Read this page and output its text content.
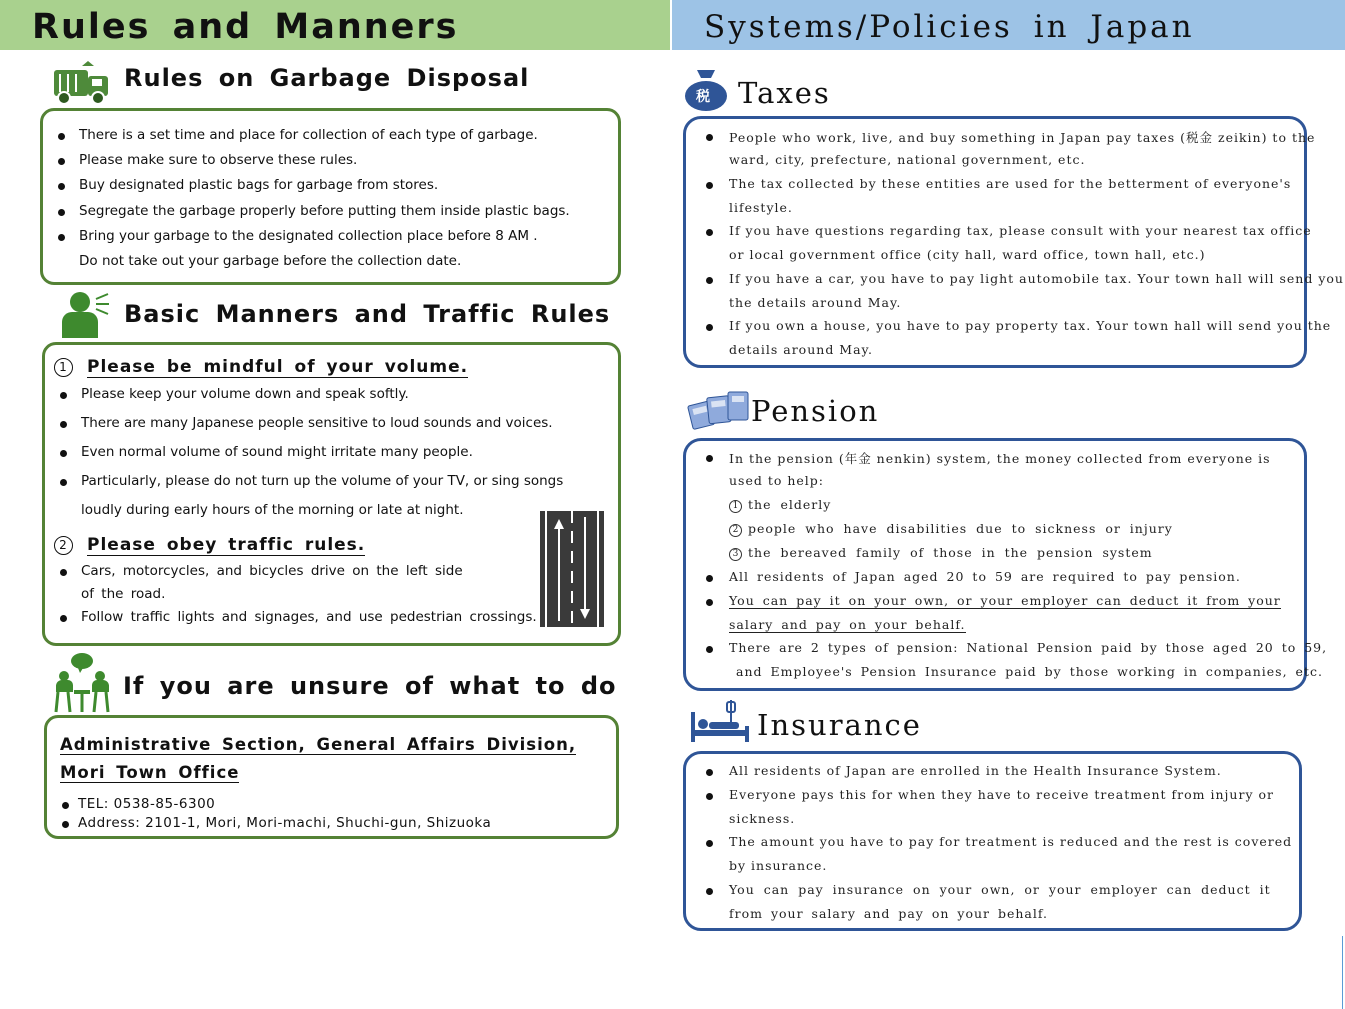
Rules and Manners	Systems/Policies in Japan
Rules on Garbage Disposal
There is a set time and place for collection of each type of garbage.
Please make sure to observe these rules.
Buy designated plastic bags for garbage from stores.
Segregate the garbage properly before putting them inside plastic bags.
Bring your garbage to the designated collection place before 8 AM .
Do not take out your garbage before the collection date.
Basic Manners and Traffic Rules
1 Please be mindful of your volume.
Please keep your volume down and speak softly.
There are many Japanese people sensitive to loud sounds and voices.
Even normal volume of sound might irritate many people.
Particularly, please do not turn up the volume of your TV, or sing songs
loudly during early hours of the morning or late at night.
2 Please obey traffic rules.
Cars, motorcycles, and bicycles drive on the left side
of the road.
Follow traffic lights and signages, and use pedestrian crossings.
If you are unsure of what to do
Administrative Section, General Affairs Division,
Mori Town Office
TEL: 0538-85-6300
Address: 2101-1, Mori, Mori-machi, Shuchi-gun, Shizuoka
税 Taxes
People who work, live, and buy something in Japan pay taxes (税金 zeikin) to the
ward, city, prefecture, national government, etc.
The tax collected by these entities are used for the betterment of everyone's
lifestyle.
If you have questions regarding tax, please consult with your nearest tax office
or local government office (city hall, ward office, town hall, etc.)
If you have a car, you have to pay light automobile tax. Your town hall will send you
the details around May.
If you own a house, you have to pay property tax. Your town hall will send you the
details around May.
Pension
In the pension (年金 nenkin) system, the money collected from everyone is
used to help:
1 the elderly
2 people who have disabilities due to sickness or injury
3 the bereaved family of those in the pension system
All residents of Japan aged 20 to 59 are required to pay pension.
You can pay it on your own, or your employer can deduct it from your
salary and pay on your behalf.
There are 2 types of pension: National Pension paid by those aged 20 to 59,
and Employee's Pension Insurance paid by those working in companies, etc.
Insurance
All residents of Japan are enrolled in the Health Insurance System.
Everyone pays this for when they have to receive treatment from injury or
sickness.
The amount you have to pay for treatment is reduced and the rest is covered
by insurance.
You can pay insurance on your own, or your employer can deduct it
from your salary and pay on your behalf.
